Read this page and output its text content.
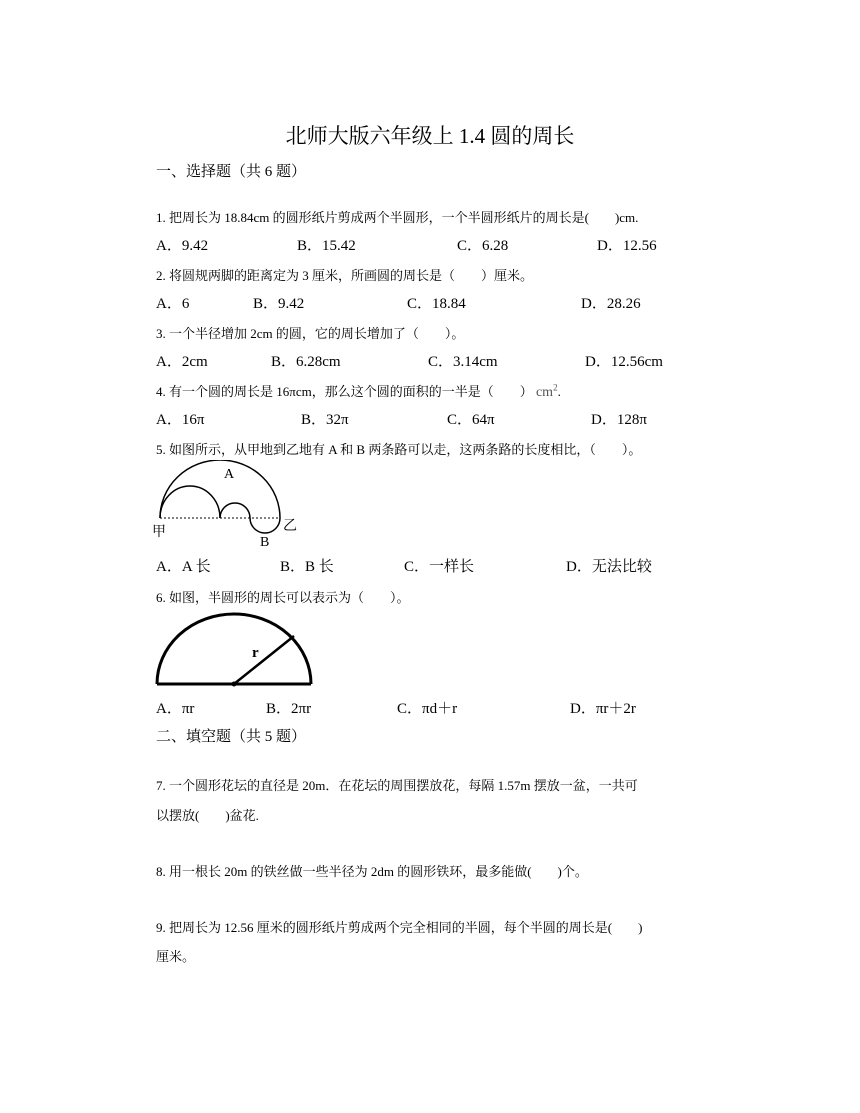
北师大版六年级上 1.4 圆的周长
一、选择题（共 6 题）
1. 把周长为 18.84cm 的圆形纸片剪成两个半圆形，一个半圆形纸片的周长是(　　)cm.
A．9.42	B．15.42	C．6.28	D．12.56
2. 将圆规两脚的距离定为 3 厘米，所画圆的周长是（　　）厘米。
A．6	B．9.42	C．18.84	D．28.26
3. 一个半径增加 2cm 的圆，它的周长增加了（　　）。
A．2cm	B．6.28cm	C．3.14cm	D．12.56cm
4. 有一个圆的周长是 16πcm，那么这个圆的面积的一半是（　　） $cm^2$.
A．16π	B．32π	C．64π	D．128π
5. 如图所示，从甲地到乙地有 A 和 B 两条路可以走，这两条路的长度相比，（　　）。
A
B
甲	乙
A．A 长	B．B 长	C．一样长	D．无法比较
6. 如图，半圆形的周长可以表示为（　　）。
r
A．πr	B．2πr	C．πd＋r	D．πr＋2r
二、填空题（共 5 题）
7. 一个圆形花坛的直径是 20m．在花坛的周围摆放花，每隔 1.57m 摆放一盆，一共可
以摆放(　　)盆花.
8. 用一根长 20m 的铁丝做一些半径为 2dm 的圆形铁环，最多能做(　　)个。
9. 把周长为 12.56 厘米的圆形纸片剪成两个完全相同的半圆，每个半圆的周长是(　　)
厘米。
